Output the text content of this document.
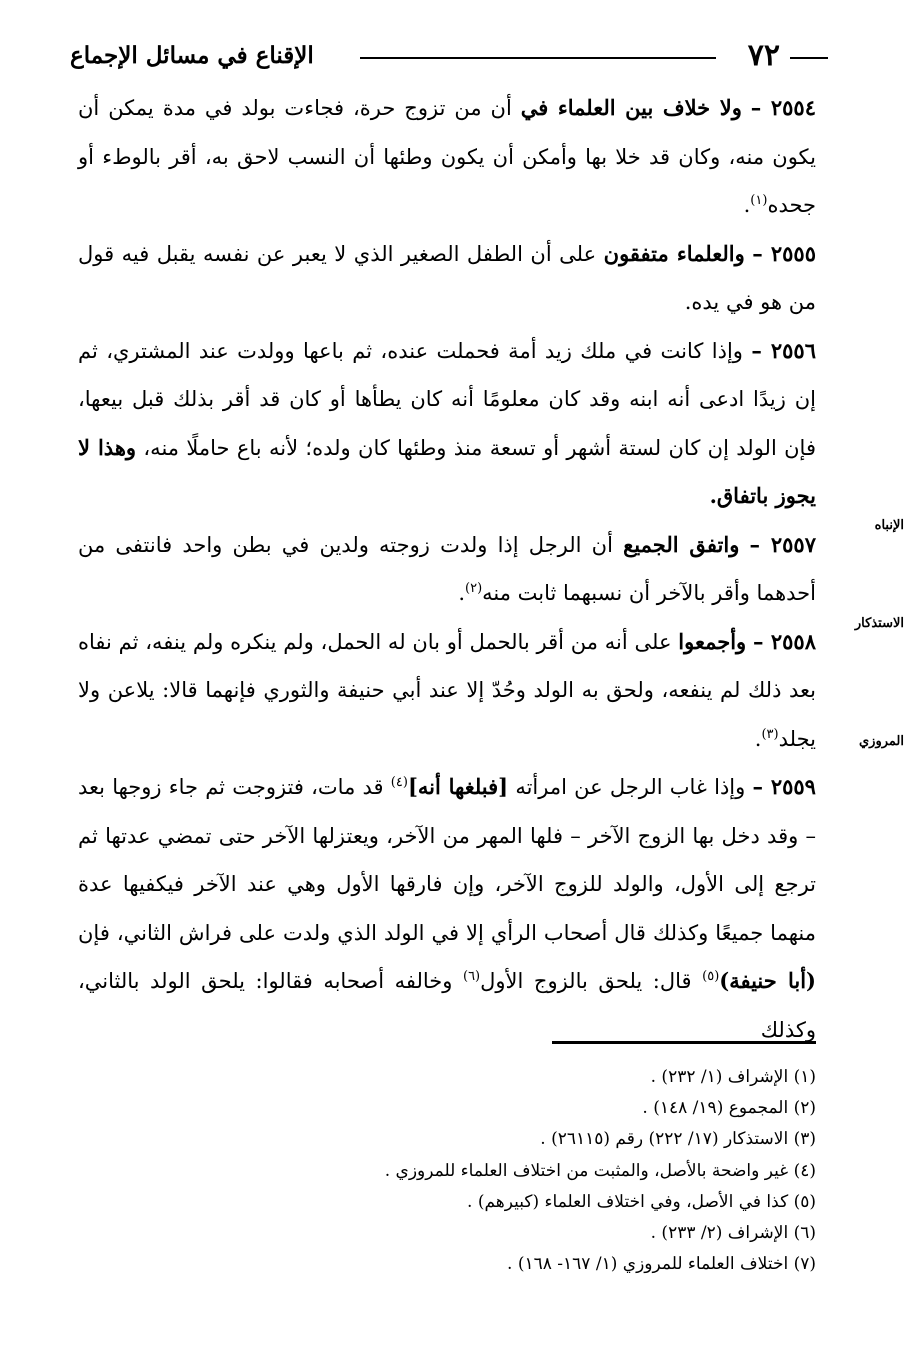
٧٢
الإقناع في مسائل الإجماع
الإنباه
الاستذكار
المروزي

٢٥٥٤ – ولا خلاف بين العلماء في أن من تزوج حرة، فجاءت بولد في مدة يمكن أن يكون منه، وكان قد خلا بها وأمكن أن يكون وطئها أن النسب لاحق به، أقر بالوطء أو جحده$^{(١)}$.

٢٥٥٥ – والعلماء متفقون على أن الطفل الصغير الذي لا يعبر عن نفسه يقبل فيه قول من هو في يده.

٢٥٥٦ – وإذا كانت في ملك زيد أمة فحملت عنده، ثم باعها وولدت عند المشتري، ثم إن زيدًا ادعى أنه ابنه وقد كان معلومًا أنه كان يطأها أو كان قد أقر بذلك قبل بيعها، فإن الولد إن كان لستة أشهر أو تسعة منذ وطئها كان ولده؛ لأنه باع حاملًا منه، وهذا لا يجوز باتفاق.

٢٥٥٧ – واتفق الجميع أن الرجل إذا ولدت زوجته ولدين في بطن واحد فانتفى من أحدهما وأقر بالآخر أن نسبهما ثابت منه$^{(٢)}$.

٢٥٥٨ – وأجمعوا على أنه من أقر بالحمل أو بان له الحمل، ولم ينكره ولم ينفه، ثم نفاه بعد ذلك لم ينفعه، ولحق به الولد وحُدّ إلا عند أبي حنيفة والثوري فإنهما قالا: يلاعن ولا يجلد$^{(٣)}$.

٢٥٥٩ – وإذا غاب الرجل عن امرأته [فبلغها أنه]$^{(٤)}$ قد مات، فتزوجت ثم جاء زوجها بعد – وقد دخل بها الزوج الآخر – فلها المهر من الآخر، ويعتزلها الآخر حتى تمضي عدتها ثم ترجع إلى الأول، والولد للزوج الآخر، وإن فارقها الأول وهي عند الآخر فيكفيها عدة منهما جميعًا وكذلك قال أصحاب الرأي إلا في الولد الذي ولدت على فراش الثاني، فإن (أبا حنيفة)$^{(٥)}$ قال: يلحق بالزوج الأول$^{(٦)}$ وخالفه أصحابه فقالوا: يلحق الولد بالثاني، وكذلك

(١) الإشراف (١/ ٢٣٢) .

(٢) المجموع (١٩/ ١٤٨) .

(٣) الاستذكار (١٧/ ٢٢٢) رقم (٢٦١١٥) .

(٤) غير واضحة بالأصل، والمثبت من اختلاف العلماء للمروزي .

(٥) كذا في الأصل، وفي اختلاف العلماء (كبيرهم) .

(٦) الإشراف (٢/ ٢٣٣) .

(٧) اختلاف العلماء للمروزي (١/ ١٦٧- ١٦٨) .
